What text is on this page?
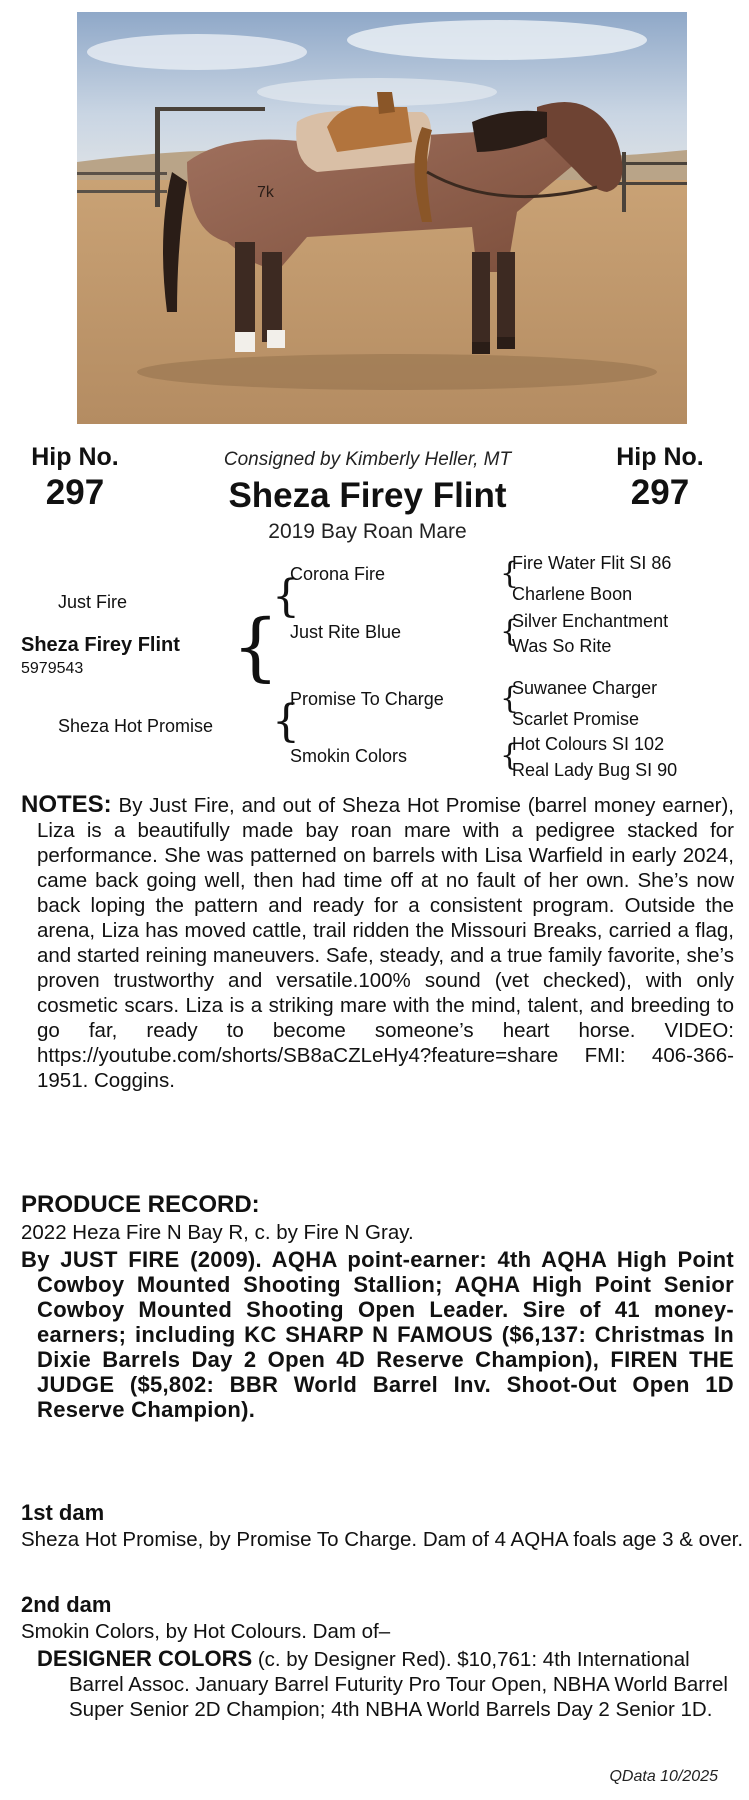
7k
Hip No.
297
Hip No.
297
Consigned by Kimberly Heller, MT
Sheza Firey Flint
2019 Bay Roan Mare
Just Fire
Sheza Firey Flint
5979543
Sheza Hot Promise
{
{
{
Corona Fire
Just Rite Blue
Promise To Charge
Smokin Colors
{
{
{
{
Fire Water Flit SI 86
Charlene Boon
Silver Enchantment
Was So Rite
Suwanee Charger
Scarlet Promise
Hot Colours SI 102
Real Lady Bug SI 90
NOTES: By Just Fire, and out of Sheza Hot Promise (barrel money earner), Liza is a beautifully made bay roan mare with a pedigree stacked for performance. She was patterned on barrels with Lisa Warfield in early 2024, came back going well, then had time off at no fault of her own. She’s now back loping the pattern and ready for a consistent program. Outside the arena, Liza has moved cattle, trail ridden the Missouri Breaks, carried a flag, and started reining maneuvers. Safe, steady, and a true family favorite, she’s proven trustworthy and versatile.100% sound (vet checked), with only cosmetic scars. Liza is a striking mare with the mind, talent, and breeding to go far, ready to become someone’s heart horse. VIDEO: https://youtube.com/shorts/SB8aCZLeHy4?feature=share FMI: 406-366-1951. Coggins.
PRODUCE RECORD:
2022 Heza Fire N Bay R, c. by Fire N Gray.
By JUST FIRE (2009). AQHA point-earner: 4th AQHA High Point Cowboy Mounted Shooting Stallion; AQHA High Point Senior Cowboy Mounted Shooting Open Leader. Sire of 41 money-earners; including KC SHARP N FAMOUS ($6,137: Christmas In Dixie Barrels Day 2 Open 4D Reserve Champion), FIREN THE JUDGE ($5,802: BBR World Barrel Inv. Shoot-Out Open 1D Reserve Champion).
1st dam
Sheza Hot Promise, by Promise To Charge. Dam of 4 AQHA foals age 3 & over.
2nd dam
Smokin Colors, by Hot Colours. Dam of–
DESIGNER COLORS (c. by Designer Red). $10,761: 4th International Barrel Assoc. January Barrel Futurity Pro Tour Open, NBHA World Barrel Super Senior 2D Champion; 4th NBHA World Barrels Day 2 Senior 1D.
QData 10/2025
